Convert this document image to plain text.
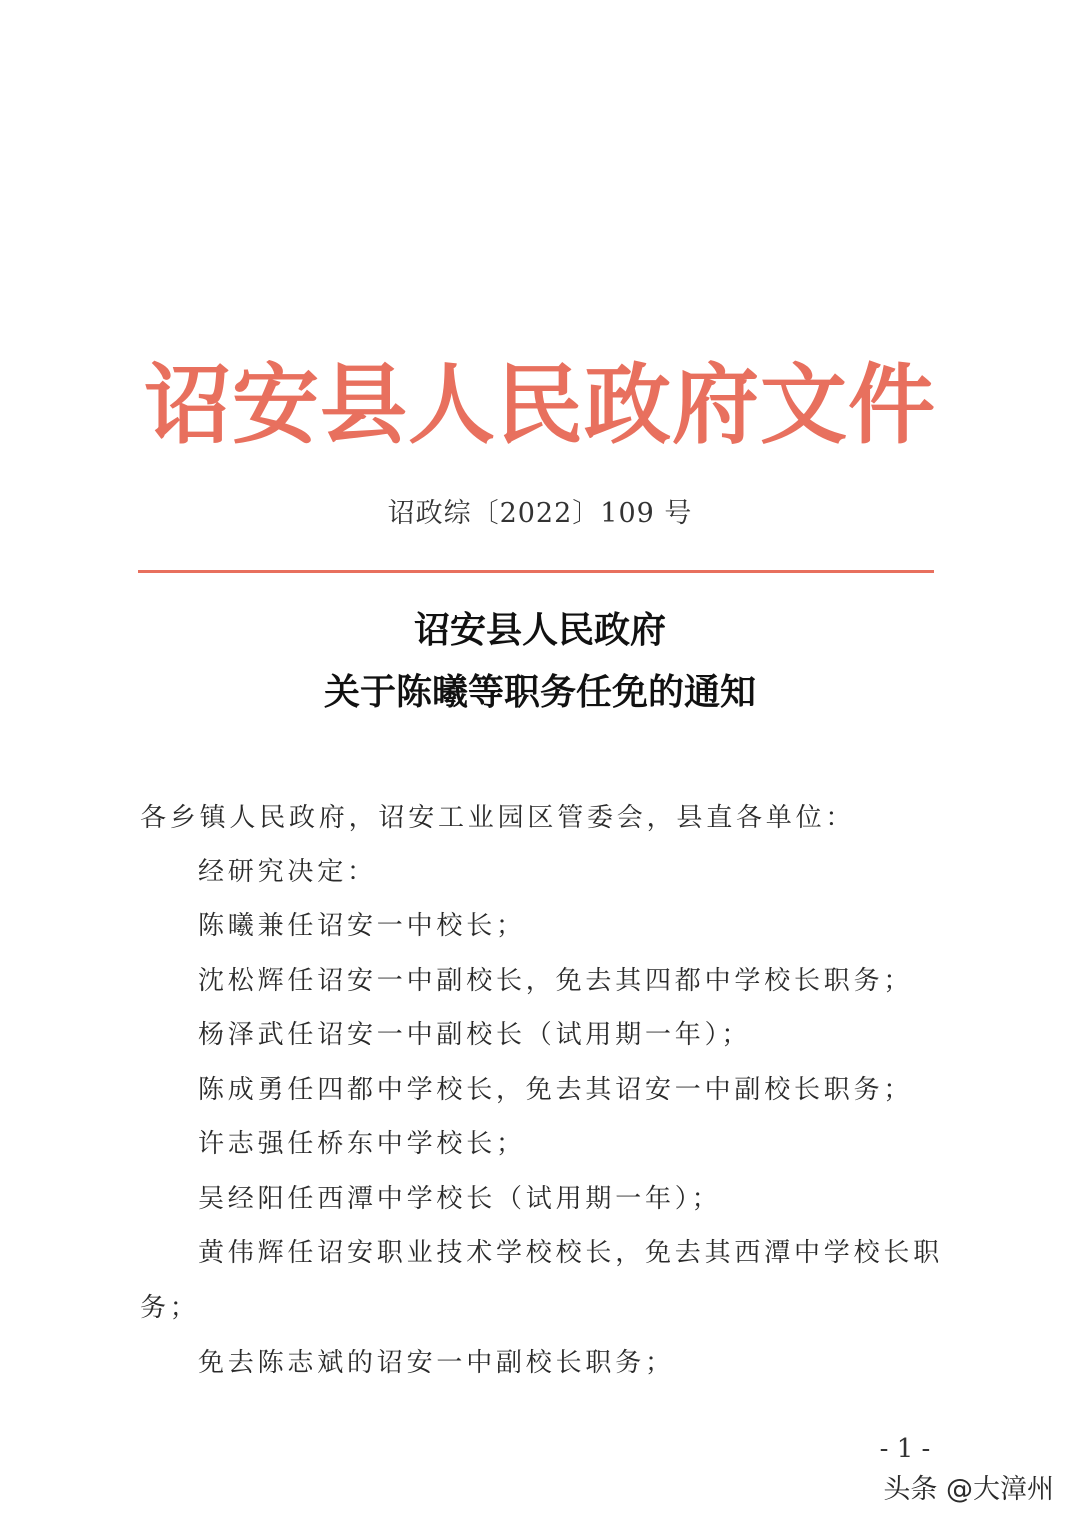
诏安县人民政府文件
诏政综〔2022〕109 号
诏安县人民政府
关于陈曦等职务任免的通知
各乡镇人民政府，诏安工业园区管委会，县直各单位：
经研究决定：
陈曦兼任诏安一中校长；
沈松辉任诏安一中副校长，免去其四都中学校长职务；
杨泽武任诏安一中副校长（试用期一年）；
陈成勇任四都中学校长，免去其诏安一中副校长职务；
许志强任桥东中学校长；
吴经阳任西潭中学校长（试用期一年）；
黄伟辉任诏安职业技术学校校长，免去其西潭中学校长职
务；
免去陈志斌的诏安一中副校长职务；
- 1 -
头条 @大漳州
